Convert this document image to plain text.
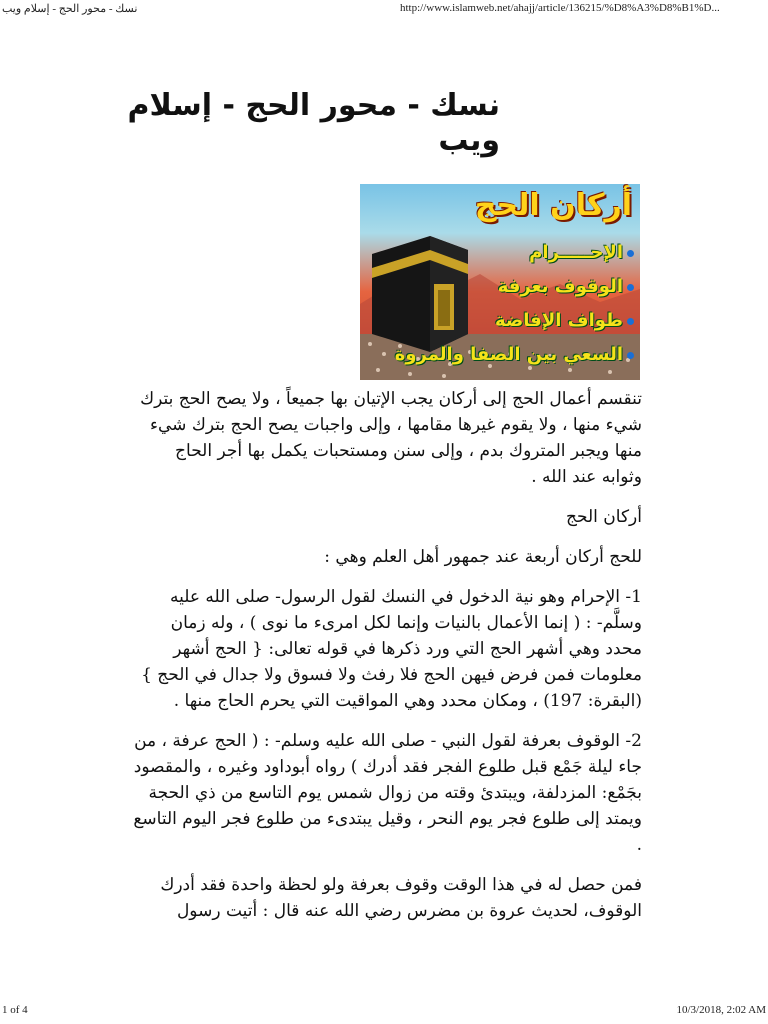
نسك - محور الحج - إسلام ويب	http://www.islamweb.net/ahajj/article/136215/%D8%A3%D8%B1%D...
نسك - محور الحج - إسلام ويب
أركان الحج
الإحـــــرام
الوقوف بعرفة
طواف الإفاضة
السعي بين الصفا والمروة

تنقسم أعمال الحج إلى أركان يجب الإتيان بها جميعاً ، ولا يصح الحج بترك شيء منها ، ولا يقوم غيرها مقامها ، وإلى واجبات يصح الحج بترك شيء منها ويجبر المتروك بدم ، وإلى سنن ومستحبات يكمل بها أجر الحاج وثوابه عند الله .

أركان الحج

للحج أركان أربعة عند جمهور أهل العلم وهي :

1- الإحرام وهو نية الدخول في النسك لقول الرسول- صلى الله عليه وسلَّم- : ( إنما الأعمال بالنيات وإنما لكل امرىء ما نوى ) ، وله زمان محدد وهي أشهر الحج التي ورد ذكرها في قوله تعالى: { الحج أشهر معلومات فمن فرض فيهن الحج فلا رفث ولا فسوق ولا جدال في الحج } (البقرة: 197) ، ومكان محدد وهي المواقيت التي يحرم الحاج منها .

2- الوقوف بعرفة لقول النبي - صلى الله عليه وسلم- : ( الحج عرفة ، من جاء ليلة جَمْع قبل طلوع الفجر فقد أدرك ) رواه أبوداود وغيره ، والمقصود بجَمْع: المزدلفة، ويبتدئ وقته من زوال شمس يوم التاسع من ذي الحجة ويمتد إلى طلوع فجر يوم النحر ، وقيل يبتدىء من طلوع فجر اليوم التاسع .

فمن حصل له في هذا الوقت وقوف بعرفة ولو لحظة واحدة فقد أدرك الوقوف، لحديث عروة بن مضرس رضي الله عنه قال : أتيت رسول

1 of 4	10/3/2018, 2:02 AM
